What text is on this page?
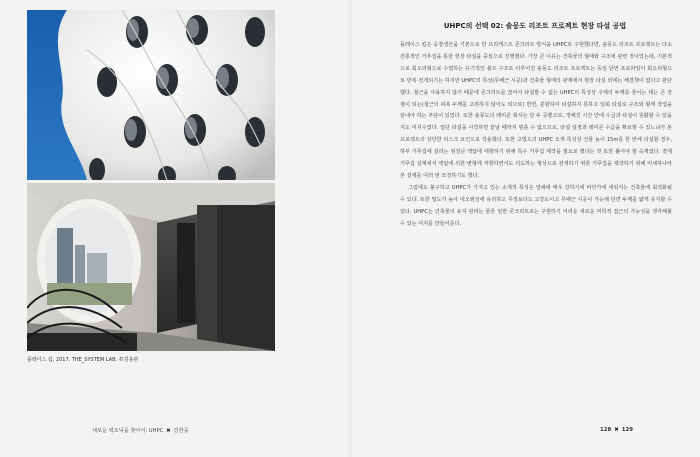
플레이스 킵, 2017. THE_SYSTEM LAB. ©김용관
새로운 텍토닉을 찾아서: UHPC ✖ 김한중
UHPC의 선택 02: 솔뭉도 리조트 프로젝트 현장 타설 공법

플레이스 킵은 공장생산을 기본으로 한 프리캐스트 콘크리트 방식을 UHPC로 구현했다면, 솔뭉도 리조트 프로젝트는 다소 전통적인 거푸집을 통한 현장 타설을 중심으로 진행했다. 가장 큰 이유는 건축물의 형태와 구조에 관련 것이었는데, 기본적으로 회오리형으로 수렴하는 유기적인 볼트 구조로 이루어진 솔뭉도 리조트 프로젝트는 동일 단면 프로파일이 회오리형으로 반복 전개되기는 하지만 UHPC의 특성(무배근 시공)과 건축물 형태의 관계에서 현장 타설 외에는 해결책이 없다고 판단했다. 철근을 사용하지 않기 때문에 콘크리트를 끊어서 타설할 수 없는 UHPC의 특성상 구체의 두께를 줄이는 데는 큰 강점이 되는(철근의 피복 두께를 고려하지 않아도 되므로) 반면, 분할하여 타설하지 못하고 일회 타설로 구조와 형태 작업을 끝내야 하는 부담이 있었다. 또한 솔뭉도의 레미콘 회사는 단 두 곳뿐으로, 정해진 시간 안에 수급과 타설이 원활할 수 있을지도 미지수였다. 일단 타설을 시작하면 끝날 때까지 멈출 수 없으므로, 타설 일정과 레미콘 수급을 확보할 수 있느냐가 본 프로젝트의 상당한 리스크 요인으로 작용했다. 또한 고밀도의 UHPC 소재 특성상 건물 높이 15m를 한 번에 타설할 경우, 하부 거푸집에 걸리는 엄청난 액압에 대항하기 위해 특수 거푸집 제작을 필요로 했다는 것 또한 풀어야 할 숙제였다. 결계 거푸집 실계에서 액압에 의한 변형에 저항하면서도 의도하는 형상으로 전개하기 위한 거푸집을 제작하기 위해 미세하나마 본 설계를 여러 번 조정하기도 했다.

그럼에도 불구하고 UHPC가 가지고 있는 소재적 특성은 열해에 매우 강하기에 바닷가에 세워지는 건축물에 최적화될 수 있다. 또한 밀도가 높아 내오염성에 유리하고 무정보다도 고강도이고 무배근 시공이 가능해 단면 두께를 얇게 유지할 수 있다. UHPC는 건축물의 유지 관리는 물론 일반 콘크리트로는 구현하기 어려운 새로운 미학적 접근의 가능성을 생각해볼 수 있는 여지를 만들어준다.

128 ✖ 129
